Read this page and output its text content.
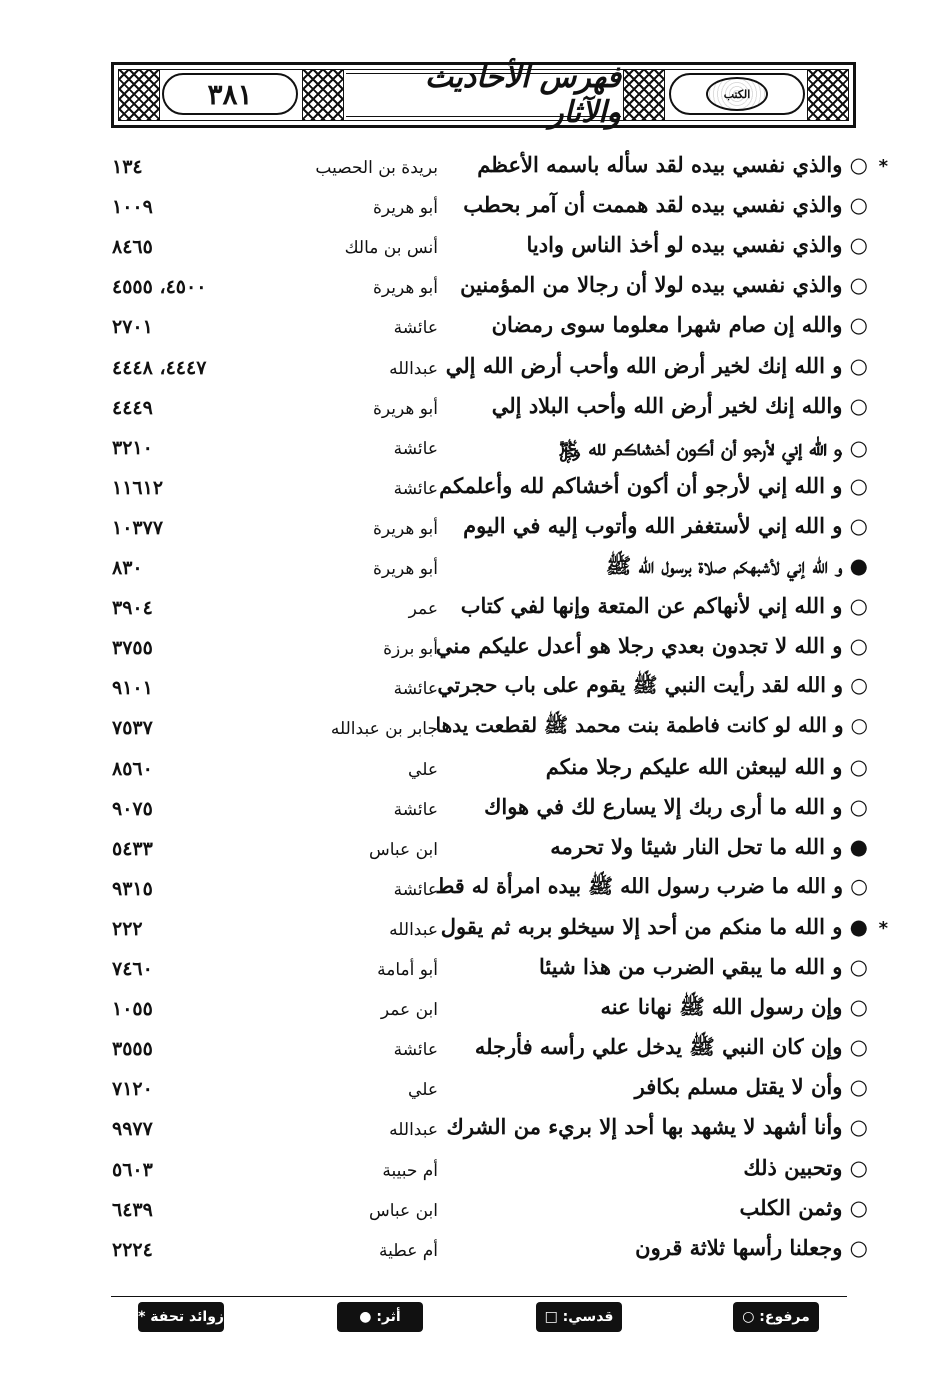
٣٨١	فهرس الأحاديث والآثار
الكتب
○ والذي نفسي بيده لقد سأله باسمه الأعظم
بريدة بن الحصيب
١٣٤	*
○ والذي نفسي بيده لقد هممت أن آمر بحطب
أبو هريرة
١٠٠٩
○ والذي نفسي بيده لو أخذ الناس واديا
أنس بن مالك
٨٤٦٥
○ والذي نفسي بيده لولا أن رجالا من المؤمنين
أبو هريرة
٤٥٠٠، ٤٥٥٥
○ والله إن صام شهرا معلوما سوى رمضان
عائشة
٢٧٠١
○ و الله إنك لخير أرض الله وأحب أرض الله إلي
عبدالله
٤٤٤٧، ٤٤٤٨
○ والله إنك لخير أرض الله وأحب البلاد إلي
أبو هريرة
٤٤٤٩
○ و الله إني لأرجو أن أكون أخشاكم لله ﷿
عائشة
٣٢١٠
○ و الله إني لأرجو أن أكون أخشاكم لله وأعلمكم
عائشة
١١٦١٢
○ و الله إني لأستغفر الله وأتوب إليه في اليوم
أبو هريرة
١٠٣٧٧
● و الله إني لأشبهكم صلاة برسول الله ﷺ
أبو هريرة
٨٣٠
○ و الله إني لأنهاكم عن المتعة وإنها لفي كتاب
عمر
٣٩٠٤
○ و الله لا تجدون بعدي رجلا هو أعدل عليكم مني
أبو برزة
٣٧٥٥
○ و الله لقد رأيت النبي ﷺ يقوم على باب حجرتي
عائشة
٩١٠١
○ و الله لو كانت فاطمة بنت محمد ﷺ لقطعت يدها
جابر بن عبدالله
٧٥٣٧
○ و الله ليبعثن الله عليكم رجلا منكم
علي
٨٥٦٠
○ و الله ما أرى ربك إلا يسارع لك في هواك
عائشة
٩٠٧٥
● و الله ما تحل النار شيئا ولا تحرمه
ابن عباس
٥٤٣٣
○ و الله ما ضرب رسول الله ﷺ بيده امرأة له قط
عائشة
٩٣١٥
● و الله ما منكم من أحد إلا سيخلو بربه ثم يقول
عبدالله
٢٢٢	*
○ و الله ما يبقي الضرب من هذا شيئا
أبو أمامة
٧٤٦٠
○ وإن رسول الله ﷺ نهانا عنه
ابن عمر
١٠٥٥
○ وإن كان النبي ﷺ يدخل علي رأسه فأرجله
عائشة
٣٥٥٥
○ وأن لا يقتل مسلم بكافر
علي
٧١٢٠
○ وأنا أشهد لا يشهد بها أحد إلا بريء من الشرك
عبدالله
٩٩٧٧
○ وتحبين ذلك
أم حبيبة
٥٦٠٣
○ وثمن الكلب
ابن عباس
٦٤٣٩
○ وجعلنا رأسها ثلاثة قرون
أم عطية
٢٢٢٤
مرفوع: ○
قدسي: □
أثر: ●
زوائد تحفة *
